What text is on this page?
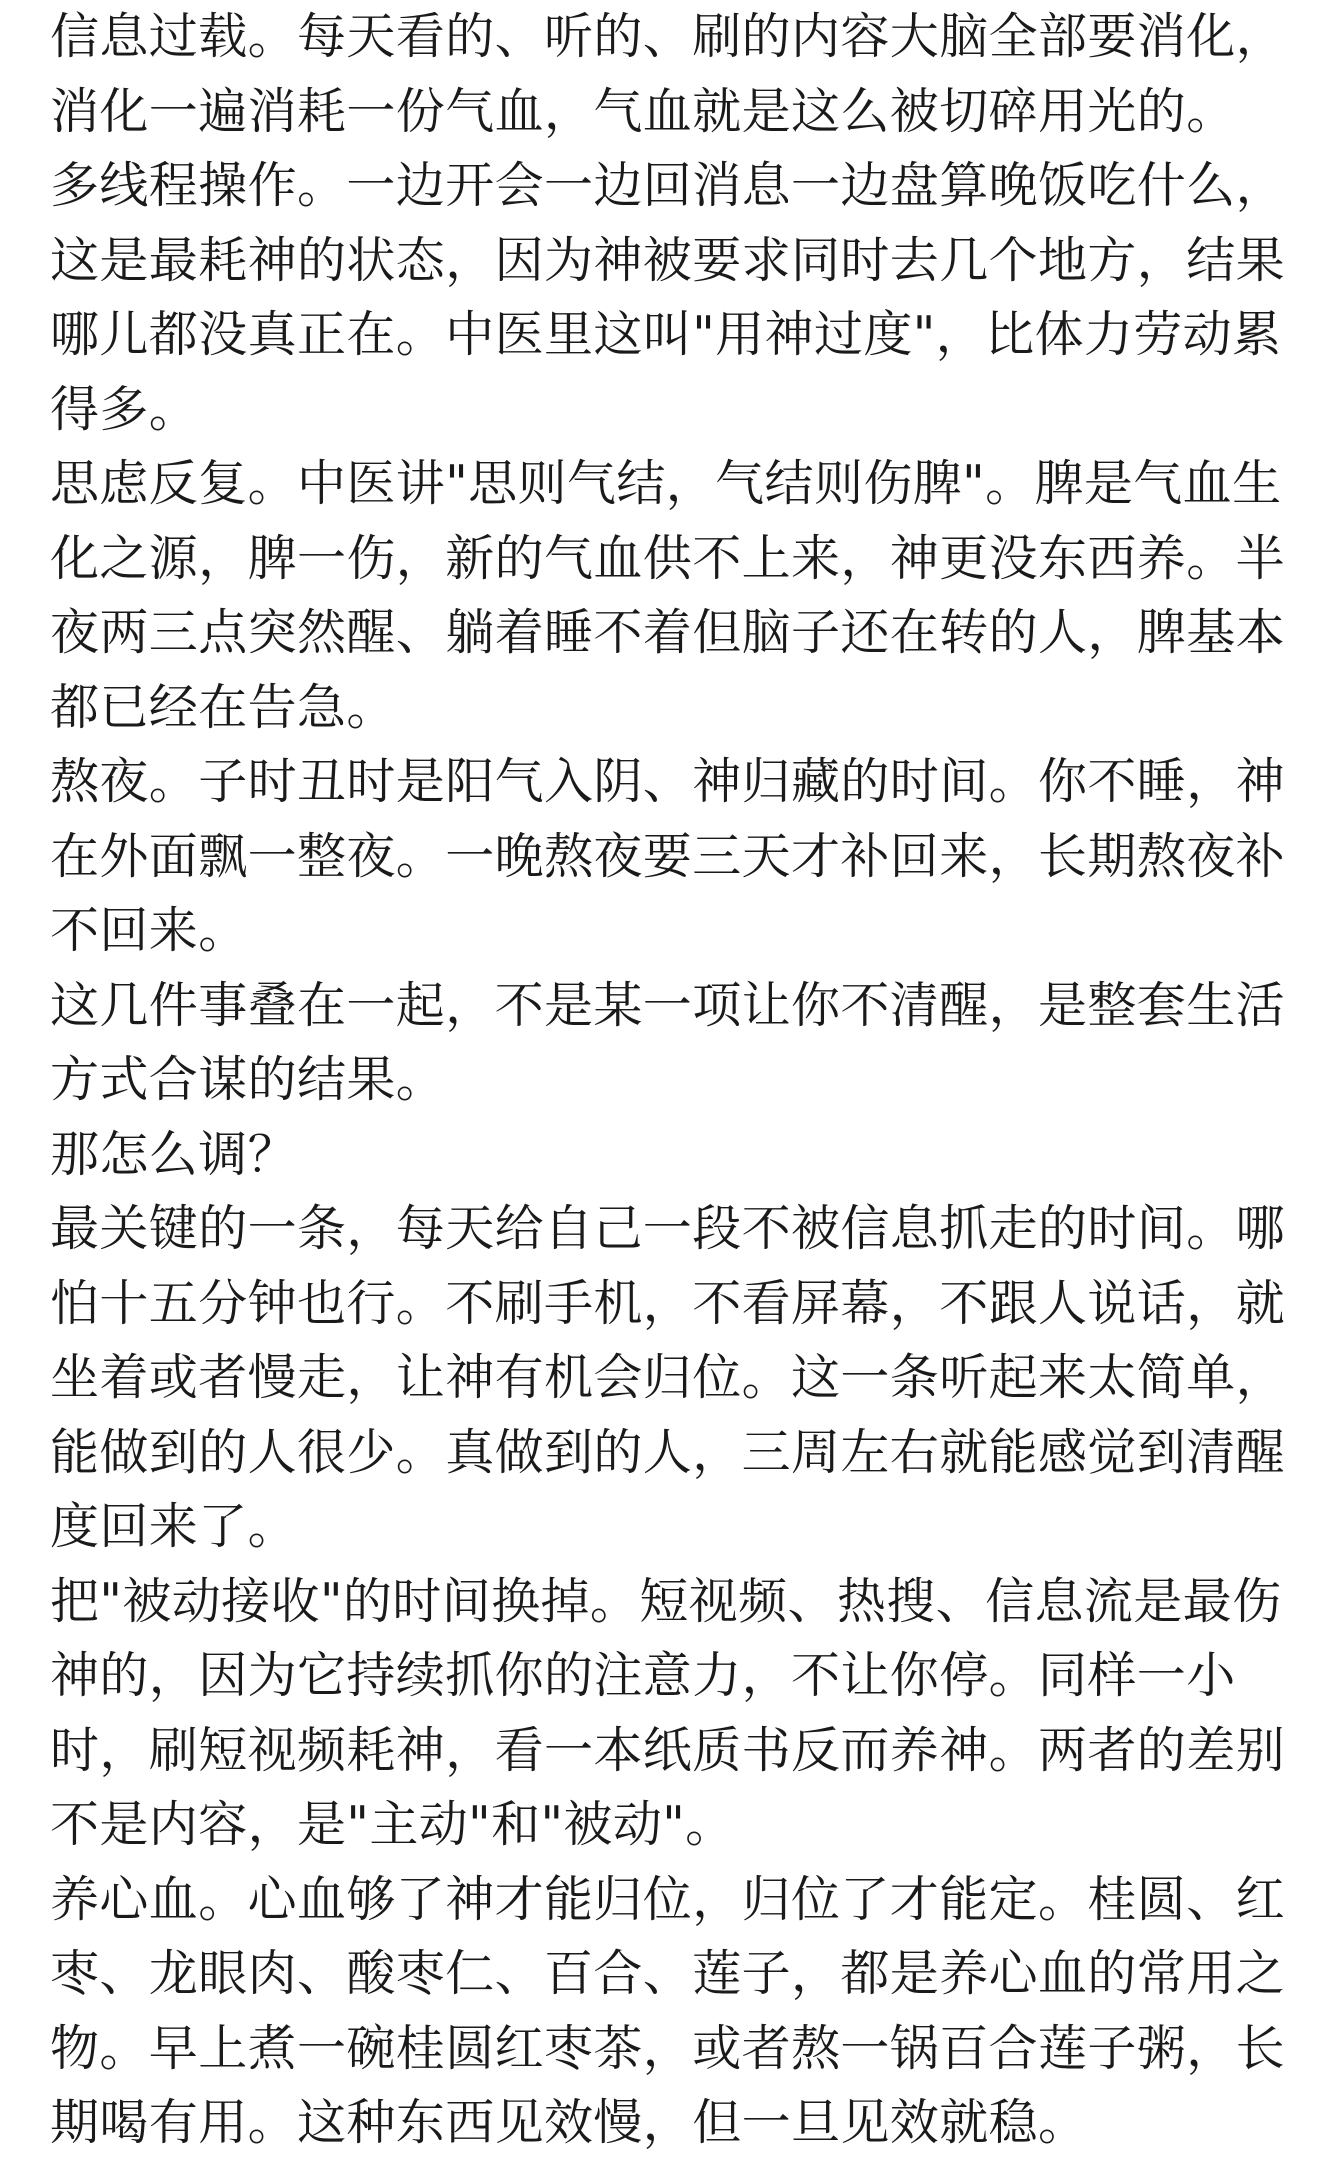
信息过载。每天看的、听的、刷的内容大脑全部要消化，
消化一遍消耗一份气血，气血就是这么被切碎用光的。
多线程操作。一边开会一边回消息一边盘算晚饭吃什么，
这是最耗神的状态，因为神被要求同时去几个地方，结果
哪儿都没真正在。中医里这叫"用神过度"，比体力劳动累
得多。
思虑反复。中医讲"思则气结，气结则伤脾"。脾是气血生
化之源，脾一伤，新的气血供不上来，神更没东西养。半
夜两三点突然醒、躺着睡不着但脑子还在转的人，脾基本
都已经在告急。
熬夜。子时丑时是阳气入阴、神归藏的时间。你不睡，神
在外面飘一整夜。一晚熬夜要三天才补回来，长期熬夜补
不回来。
这几件事叠在一起，不是某一项让你不清醒，是整套生活
方式合谋的结果。
那怎么调？
最关键的一条，每天给自己一段不被信息抓走的时间。哪
怕十五分钟也行。不刷手机，不看屏幕，不跟人说话，就
坐着或者慢走，让神有机会归位。这一条听起来太简单，
能做到的人很少。真做到的人，三周左右就能感觉到清醒
度回来了。
把"被动接收"的时间换掉。短视频、热搜、信息流是最伤
神的，因为它持续抓你的注意力，不让你停。同样一小
时，刷短视频耗神，看一本纸质书反而养神。两者的差别
不是内容，是"主动"和"被动"。
养心血。心血够了神才能归位，归位了才能定。桂圆、红
枣、龙眼肉、酸枣仁、百合、莲子，都是养心血的常用之
物。早上煮一碗桂圆红枣茶，或者熬一锅百合莲子粥，长
期喝有用。这种东西见效慢，但一旦见效就稳。
